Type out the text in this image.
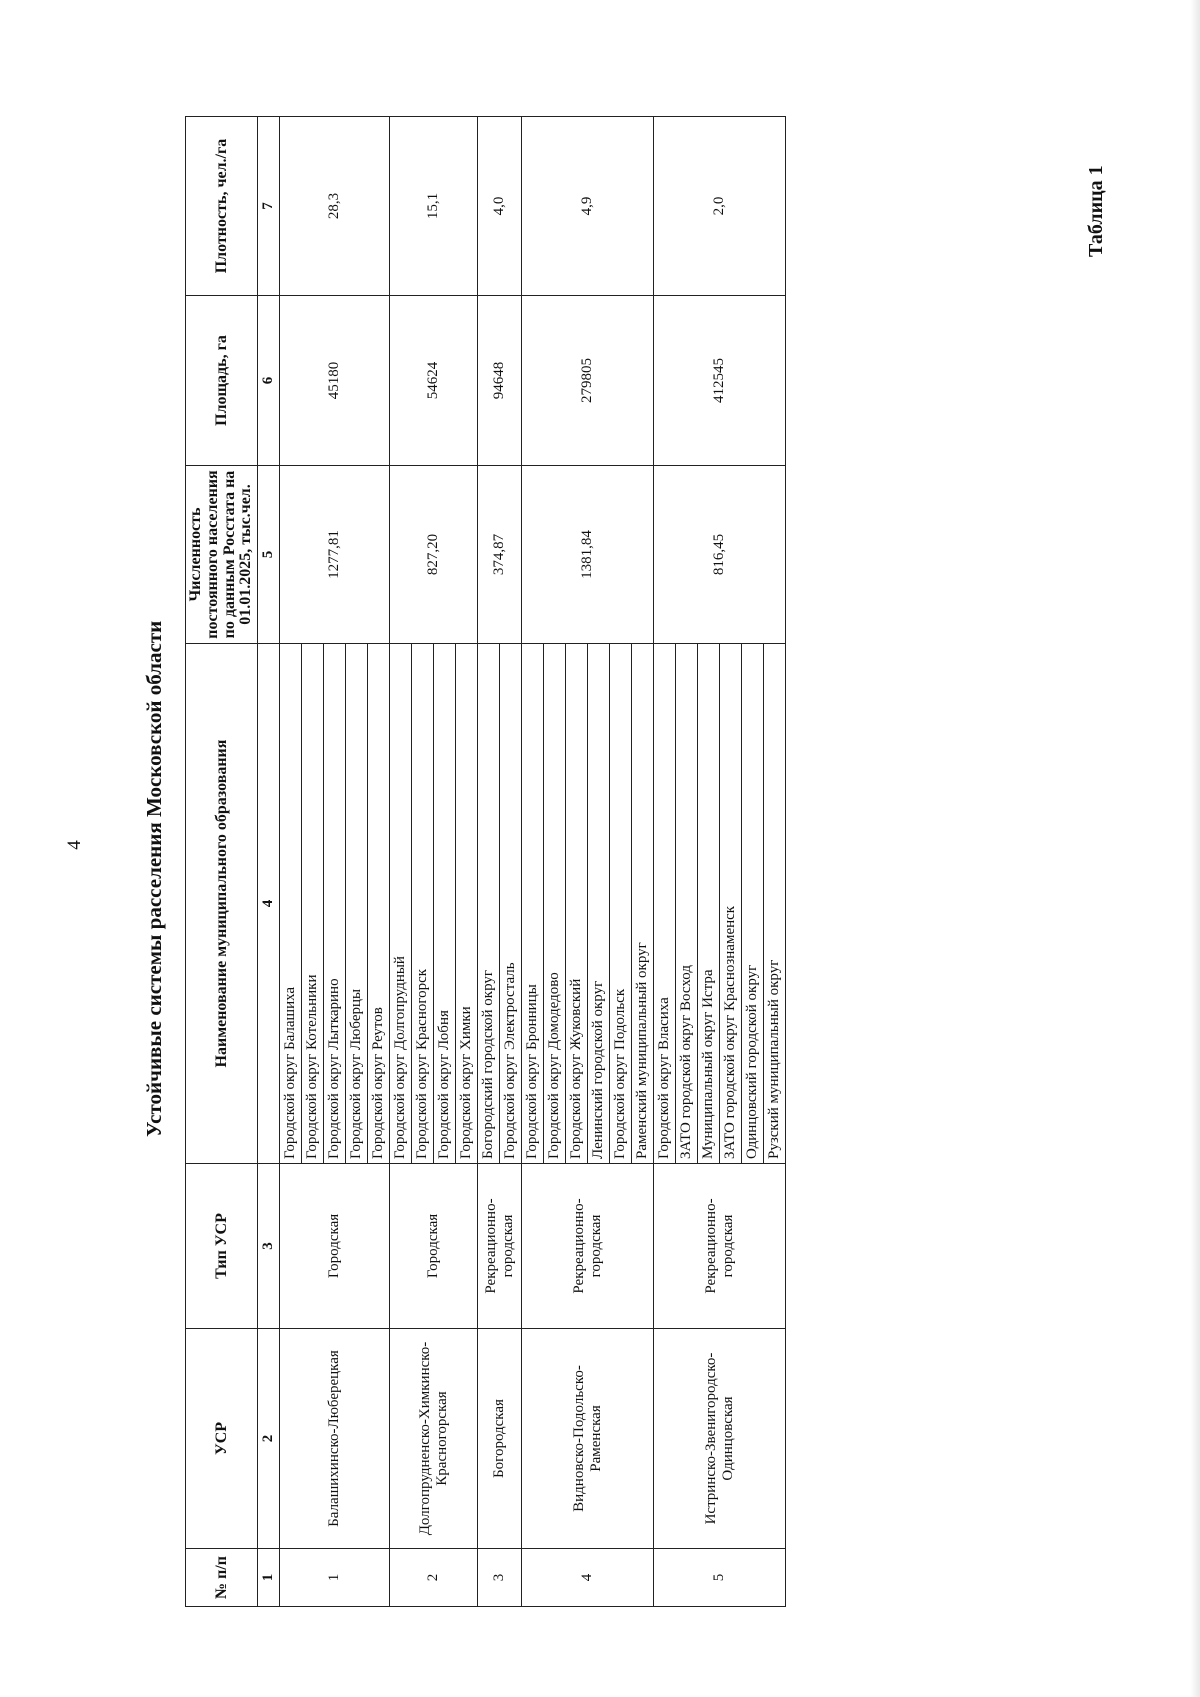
4
Таблица 1
Устойчивые системы расселения Московской области
№ п/п	УСР	Тип УСР	Наименование муниципального образования	Численность постоянного населения по данным Росстата на 01.01.2025, тыс.чел.	Площадь, га	Плотность, чел./га
1	2	3	4	5	6	7
1	Балашихинско-Люберецкая	Городская	Городской округ Балашиха	1277,81	45180	28,3
			Городской округ Котельники			
			Городской округ Лыткарино			
			Городской округ Люберцы			
			Городской округ Реутов			
2	Долгопрудненско-Химкинско-Красногорская	Городская	Городской округ Долгопрудный	827,20	54624	15,1
			Городской округ Красногорск			
			Городской округ Лобня			
			Городской округ Химки			
3	Богородская	Рекреационно-городская	Богородский городской округ	374,87	94648	4,0
			Городской округ Электросталь			
4	Видновско-Подольско-Раменская	Рекреационно-городская	Городской округ Бронницы	1381,84	279805	4,9
			Городской округ Домодедово			
			Городской округ Жуковский			
			Ленинский городской округ			
			Городской округ Подольск			
			Раменский муниципальный округ			
5	Истринско-Звенигородско-Одинцовская	Рекреационно-городская	Городской округ Власиха	816,45	412545	2,0
			ЗАТО городской округ Восход			
			Муниципальный округ Истра			
			ЗАТО городской округ Краснознаменск			
			Одинцовский городской округ			
			Рузский муниципальный округ			
